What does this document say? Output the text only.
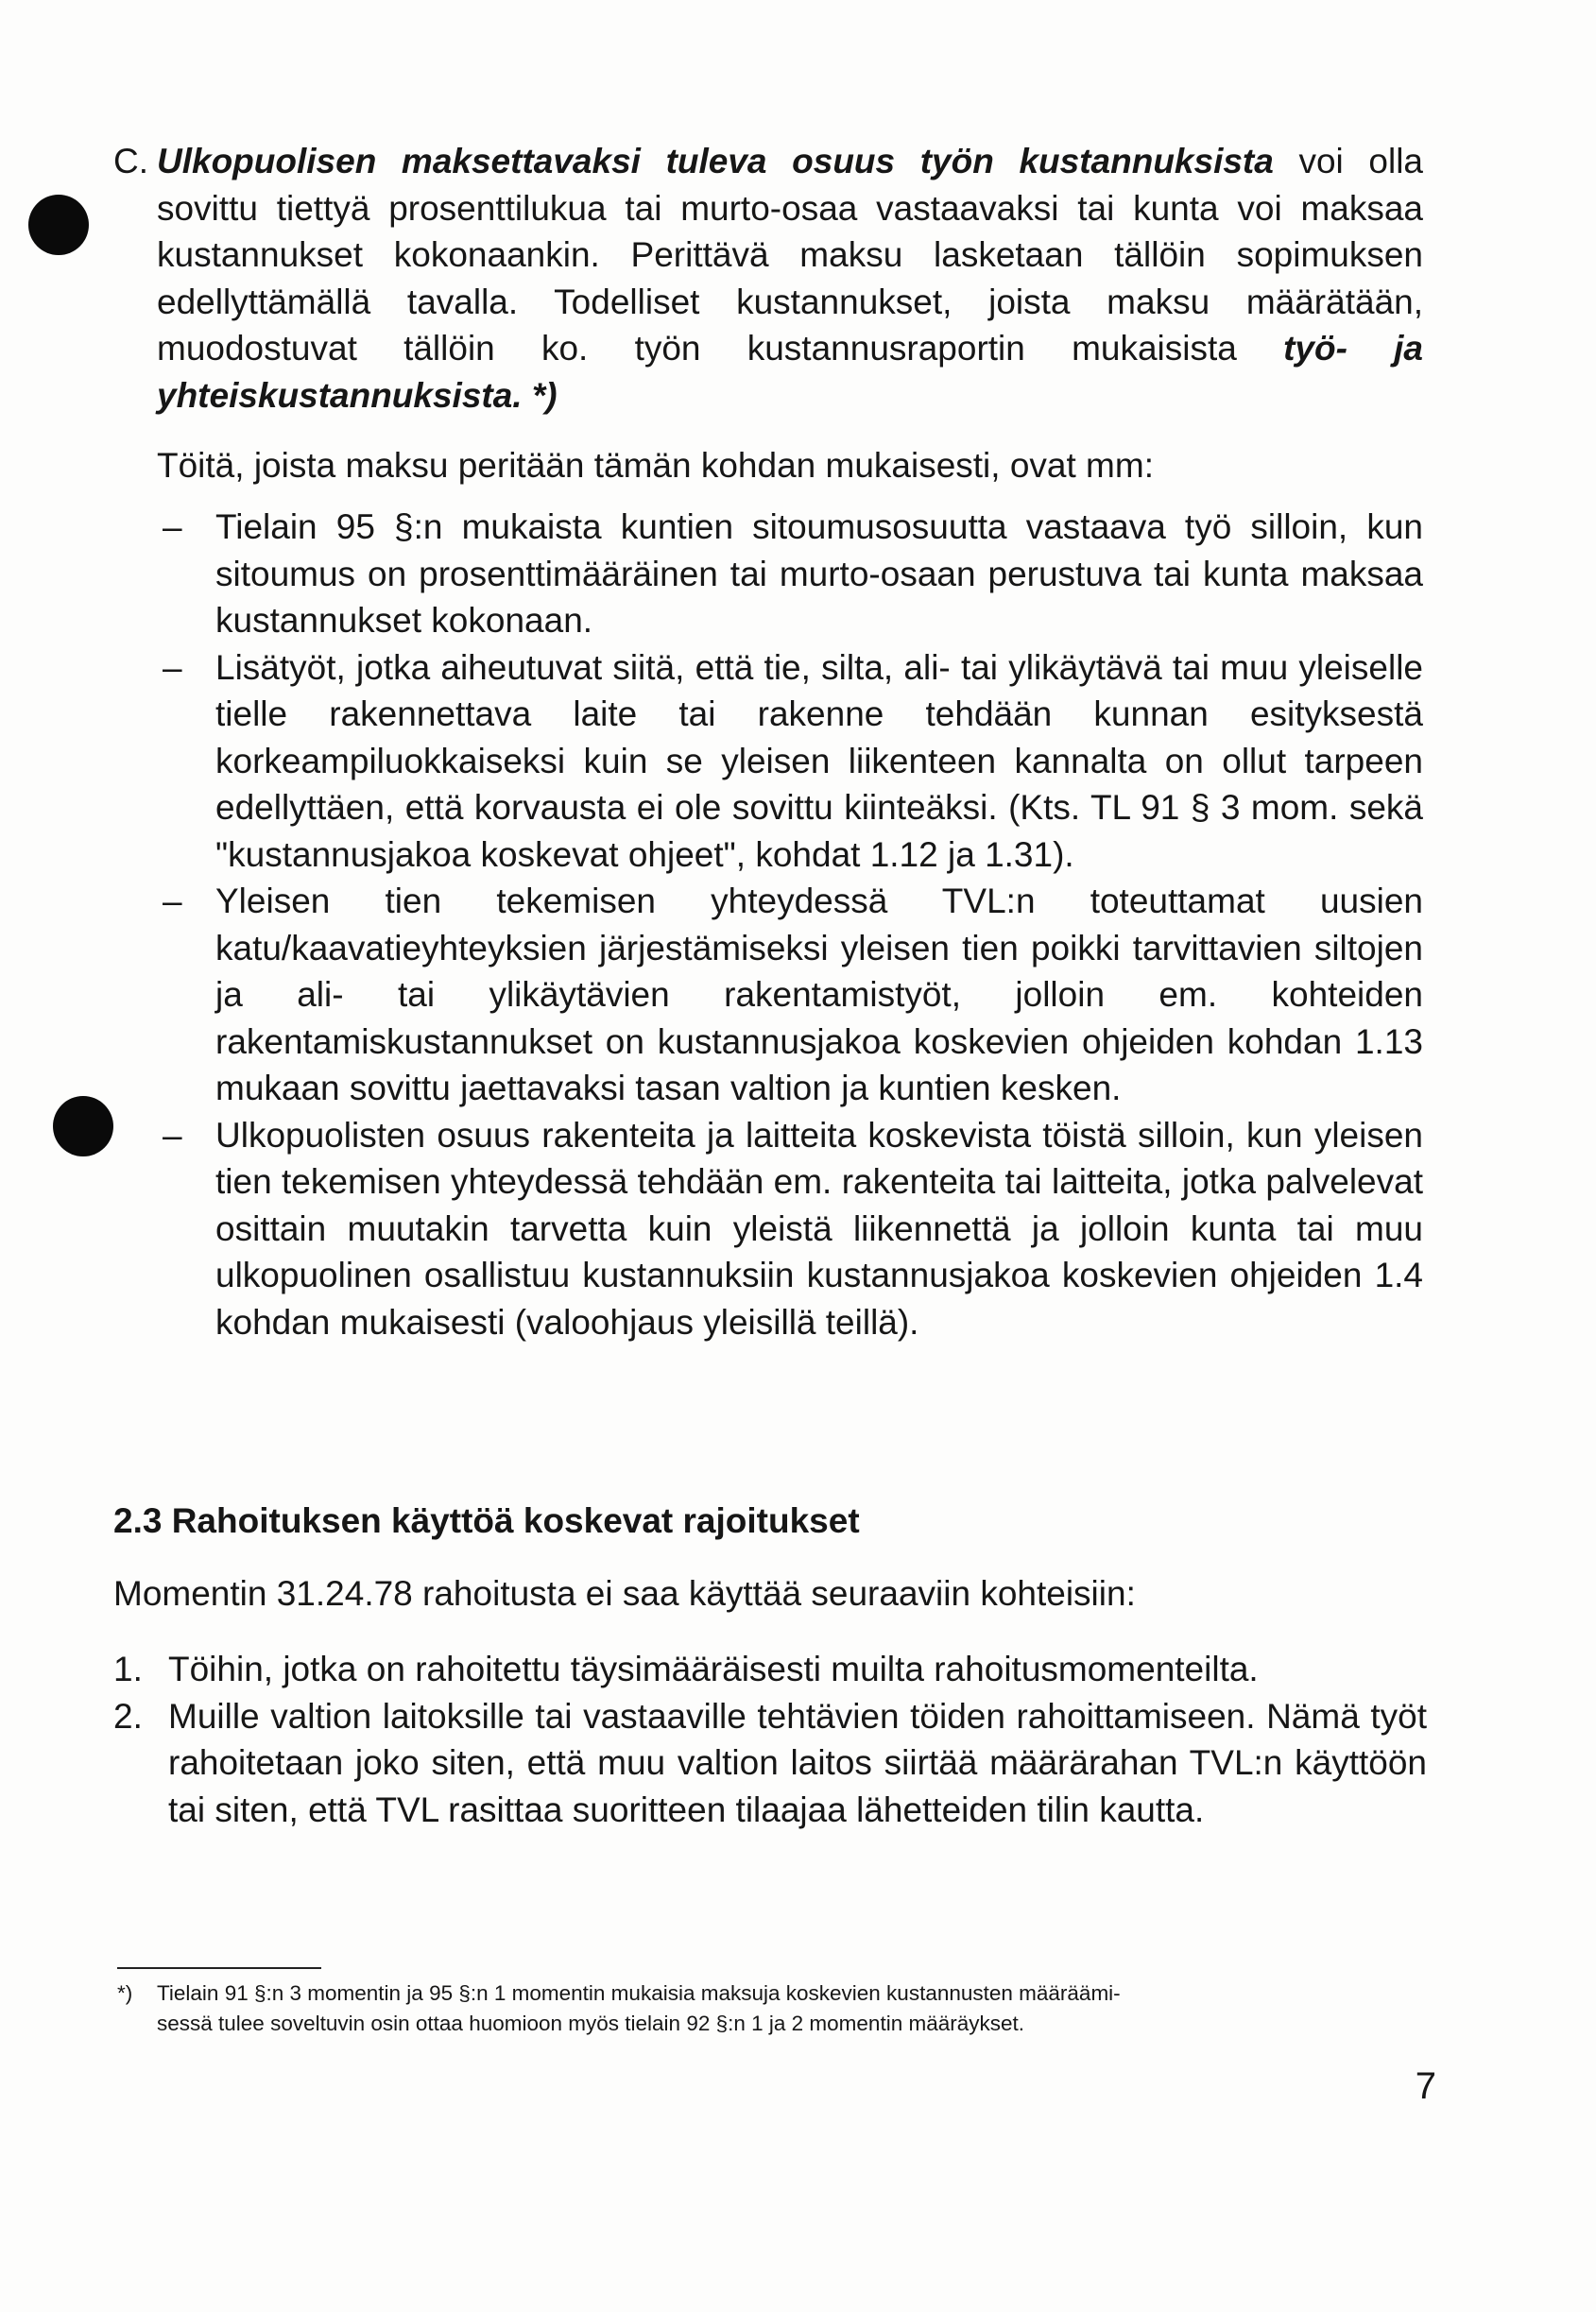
C. Ulkopuolisen maksettavaksi tuleva osuus työn kustannuksista voi olla sovittu tiettyä prosenttilukua tai murto-osaa vastaavaksi tai kunta voi maksaa kustannukset kokonaankin. Perittävä maksu lasketaan tällöin sopimuksen edellyttämällä tavalla. Todelliset kustannukset, joista maksu määrätään, muodostuvat tällöin ko. työn kustannusraportin mukaisista työ- ja yhteiskustannuksista. *)

Töitä, joista maksu peritään tämän kohdan mukaisesti, ovat mm:

– Tielain 95 §:n mukaista kuntien sitoumusosuutta vastaava työ silloin, kun sitoumus on prosenttimääräinen tai murto-osaan perustuva tai kunta maksaa kustannukset kokonaan.
– Lisätyöt, jotka aiheutuvat siitä, että tie, silta, ali- tai ylikäytävä tai muu yleiselle tielle rakennettava laite tai rakenne tehdään kunnan esityksestä korkeampiluokkaiseksi kuin se yleisen liikenteen kannalta on ollut tarpeen edellyttäen, että korvausta ei ole sovittu kiinteäksi. (Kts. TL 91 § 3 mom. sekä "kustannusjakoa koskevat ohjeet", kohdat 1.12 ja 1.31).
– Yleisen tien tekemisen yhteydessä TVL:n toteuttamat uusien katu/kaavatieyhteyksien järjestämiseksi yleisen tien poikki tarvittavien siltojen ja ali- tai ylikäytävien rakentamistyöt, jolloin em. kohteiden rakentamiskustannukset on kustannusjakoa koskevien ohjeiden kohdan 1.13 mukaan sovittu jaettavaksi tasan valtion ja kuntien kesken.
– Ulkopuolisten osuus rakenteita ja laitteita koskevista töistä silloin, kun yleisen tien tekemisen yhteydessä tehdään em. rakenteita tai laitteita, jotka palvelevat osittain muutakin tarvetta kuin yleistä liikennettä ja jolloin kunta tai muu ulkopuolinen osallistuu kustannuksiin kustannusjakoa koskevien ohjeiden 1.4 kohdan mukaisesti (valoohjaus yleisillä teillä).
2.3 Rahoituksen käyttöä koskevat rajoitukset

Momentin 31.24.78 rahoitusta ei saa käyttää seuraaviin kohteisiin:

1. Töihin, jotka on rahoitettu täysimääräisesti muilta rahoitusmomenteilta.
2. Muille valtion laitoksille tai vastaaville tehtävien töiden rahoittamiseen. Nämä työt rahoitetaan joko siten, että muu valtion laitos siirtää määrärahan TVL:n käyttöön tai siten, että TVL rasittaa suoritteen tilaajaa lähetteiden tilin kautta.
*) Tielain 91 §:n 3 momentin ja 95 §:n 1 momentin mukaisia maksuja koskevien kustannusten määräämi-
sessä tulee soveltuvin osin ottaa huomioon myös tielain 92 §:n 1 ja 2 momentin määräykset.
7
